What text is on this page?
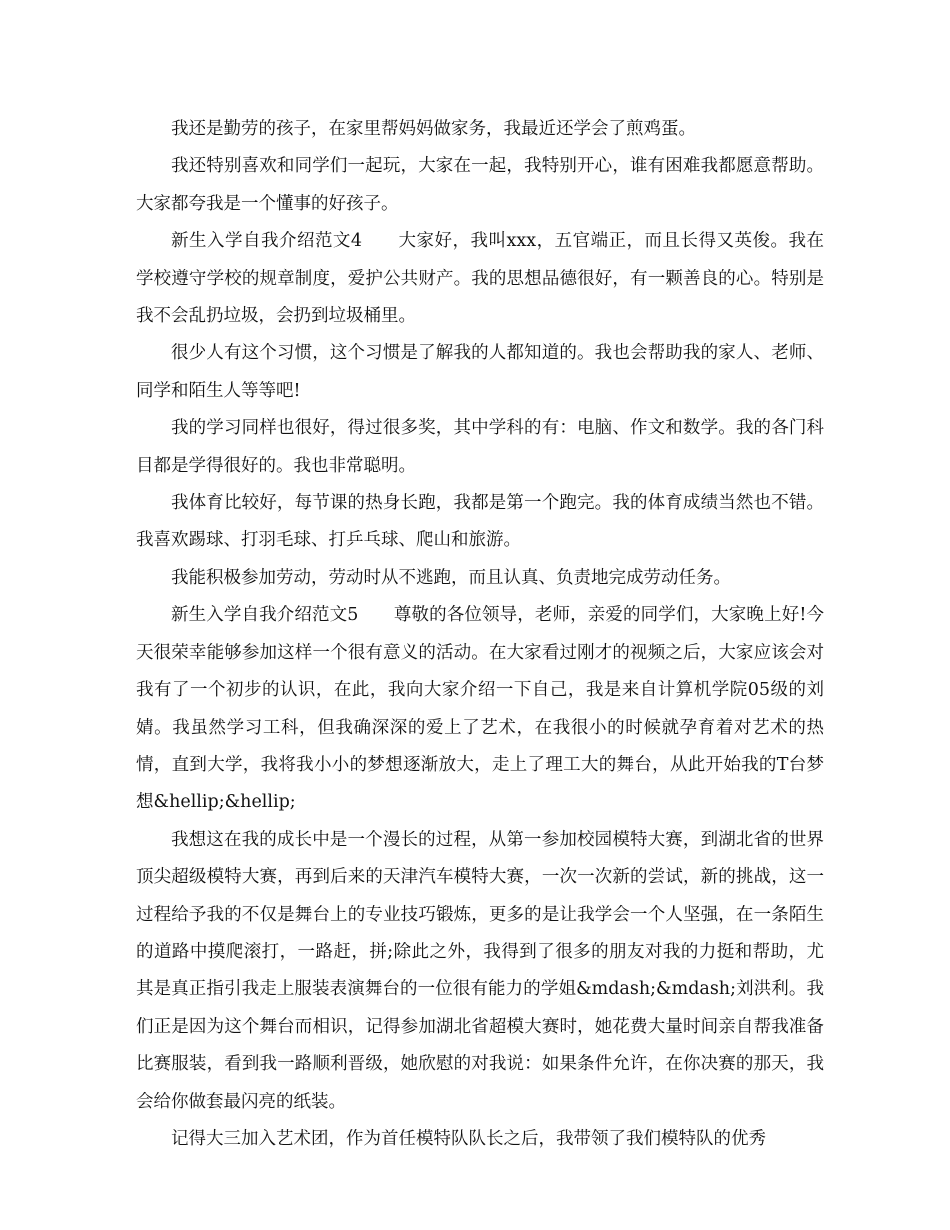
我还是勤劳的孩子，在家里帮妈妈做家务，我最近还学会了煎鸡蛋。

我还特别喜欢和同学们一起玩，大家在一起，我特别开心，谁有困难我都愿意帮助。大家都夸我是一个懂事的好孩子。

新生入学自我介绍范文4　　大家好，我叫xxx，五官端正，而且长得又英俊。我在学校遵守学校的规章制度，爱护公共财产。我的思想品德很好，有一颗善良的心。特别是我不会乱扔垃圾，会扔到垃圾桶里。

很少人有这个习惯，这个习惯是了解我的人都知道的。我也会帮助我的家人、老师、同学和陌生人等等吧!

我的学习同样也很好，得过很多奖，其中学科的有：电脑、作文和数学。我的各门科目都是学得很好的。我也非常聪明。

我体育比较好，每节课的热身长跑，我都是第一个跑完。我的体育成绩当然也不错。我喜欢踢球、打羽毛球、打乒乓球、爬山和旅游。

我能积极参加劳动，劳动时从不逃跑，而且认真、负责地完成劳动任务。

新生入学自我介绍范文5　　尊敬的各位领导，老师，亲爱的同学们，大家晚上好!今天很荣幸能够参加这样一个很有意义的活动。在大家看过刚才的视频之后，大家应该会对我有了一个初步的认识，在此，我向大家介绍一下自己，我是来自计算机学院05级的刘婧。我虽然学习工科，但我确深深的爱上了艺术，在我很小的时候就孕育着对艺术的热情，直到大学，我将我小小的梦想逐渐放大，走上了理工大的舞台，从此开始我的T台梦想&hellip;&hellip;

我想这在我的成长中是一个漫长的过程，从第一参加校园模特大赛，到湖北省的世界顶尖超级模特大赛，再到后来的天津汽车模特大赛，一次一次新的尝试，新的挑战，这一过程给予我的不仅是舞台上的专业技巧锻炼，更多的是让我学会一个人坚强，在一条陌生的道路中摸爬滚打，一路赶，拼;除此之外，我得到了很多的朋友对我的力挺和帮助，尤其是真正指引我走上服装表演舞台的一位很有能力的学姐&mdash;&mdash;刘洪利。我们正是因为这个舞台而相识，记得参加湖北省超模大赛时，她花费大量时间亲自帮我准备比赛服装，看到我一路顺利晋级，她欣慰的对我说：如果条件允许，在你决赛的那天，我会给你做套最闪亮的纸装。

记得大三加入艺术团，作为首任模特队队长之后，我带领了我们模特队的优秀
